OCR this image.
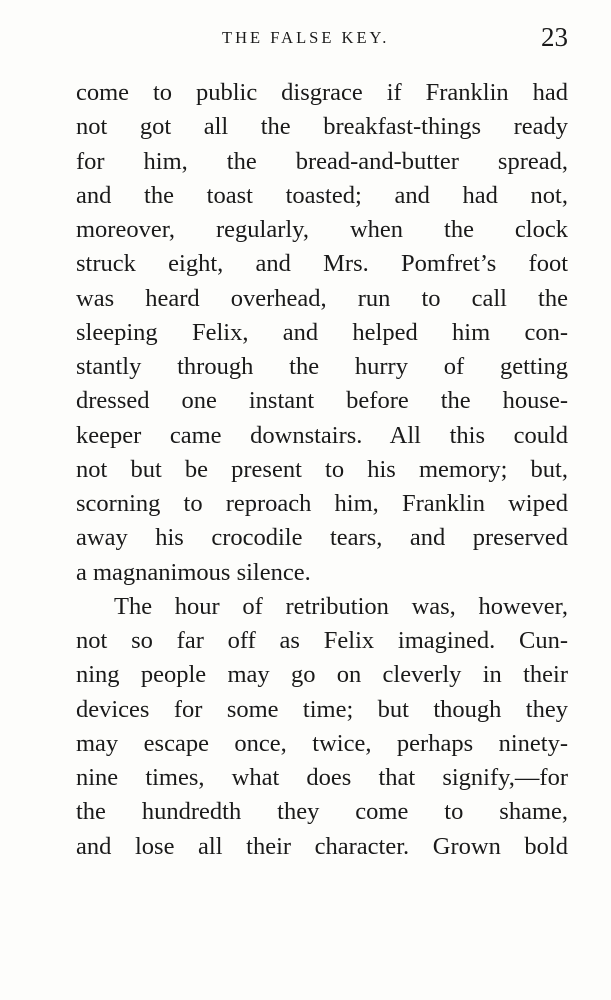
THE FALSE KEY.	23
come to public disgrace if Franklin had
not got all the breakfast-things ready
for him, the bread-and-butter spread,
and the toast toasted; and had not,
moreover, regularly, when the clock
struck eight, and Mrs. Pomfret’s foot
was heard overhead, run to call the
sleeping Felix, and helped him con-
stantly through the hurry of getting
dressed one instant before the house-
keeper came downstairs. All this could
not but be present to his memory; but,
scorning to reproach him, Franklin wiped
away his crocodile tears, and preserved
a magnanimous silence.
The hour of retribution was, however,
not so far off as Felix imagined. Cun-
ning people may go on cleverly in their
devices for some time; but though they
may escape once, twice, perhaps ninety-
nine times, what does that signify,—for
the hundredth they come to shame,
and lose all their character. Grown bold
